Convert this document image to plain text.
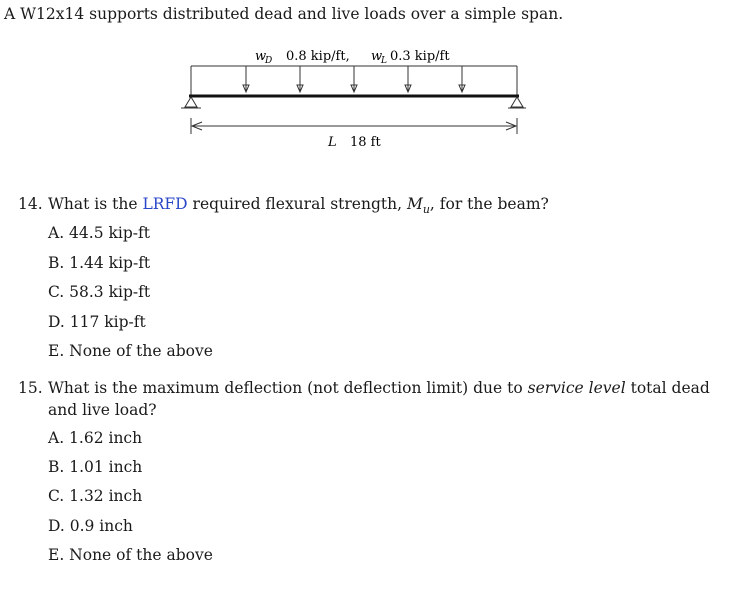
A W12x14 supports distributed dead and live loads over a simple span.
w
D 0.8 kip/ft, w
L 0.3 kip/ft
L 18 ft
14. What is the LRFD required flexural strength, $M_u$, for the beam?
A. 44.5 kip-ft
B. 1.44 kip-ft
C. 58.3 kip-ft
D. 117 kip-ft
E. None of the above
15. What is the maximum deflection (not deflection limit) due to service level total dead
and live load?
A. 1.62 inch
B. 1.01 inch
C. 1.32 inch
D. 0.9 inch
E. None of the above
